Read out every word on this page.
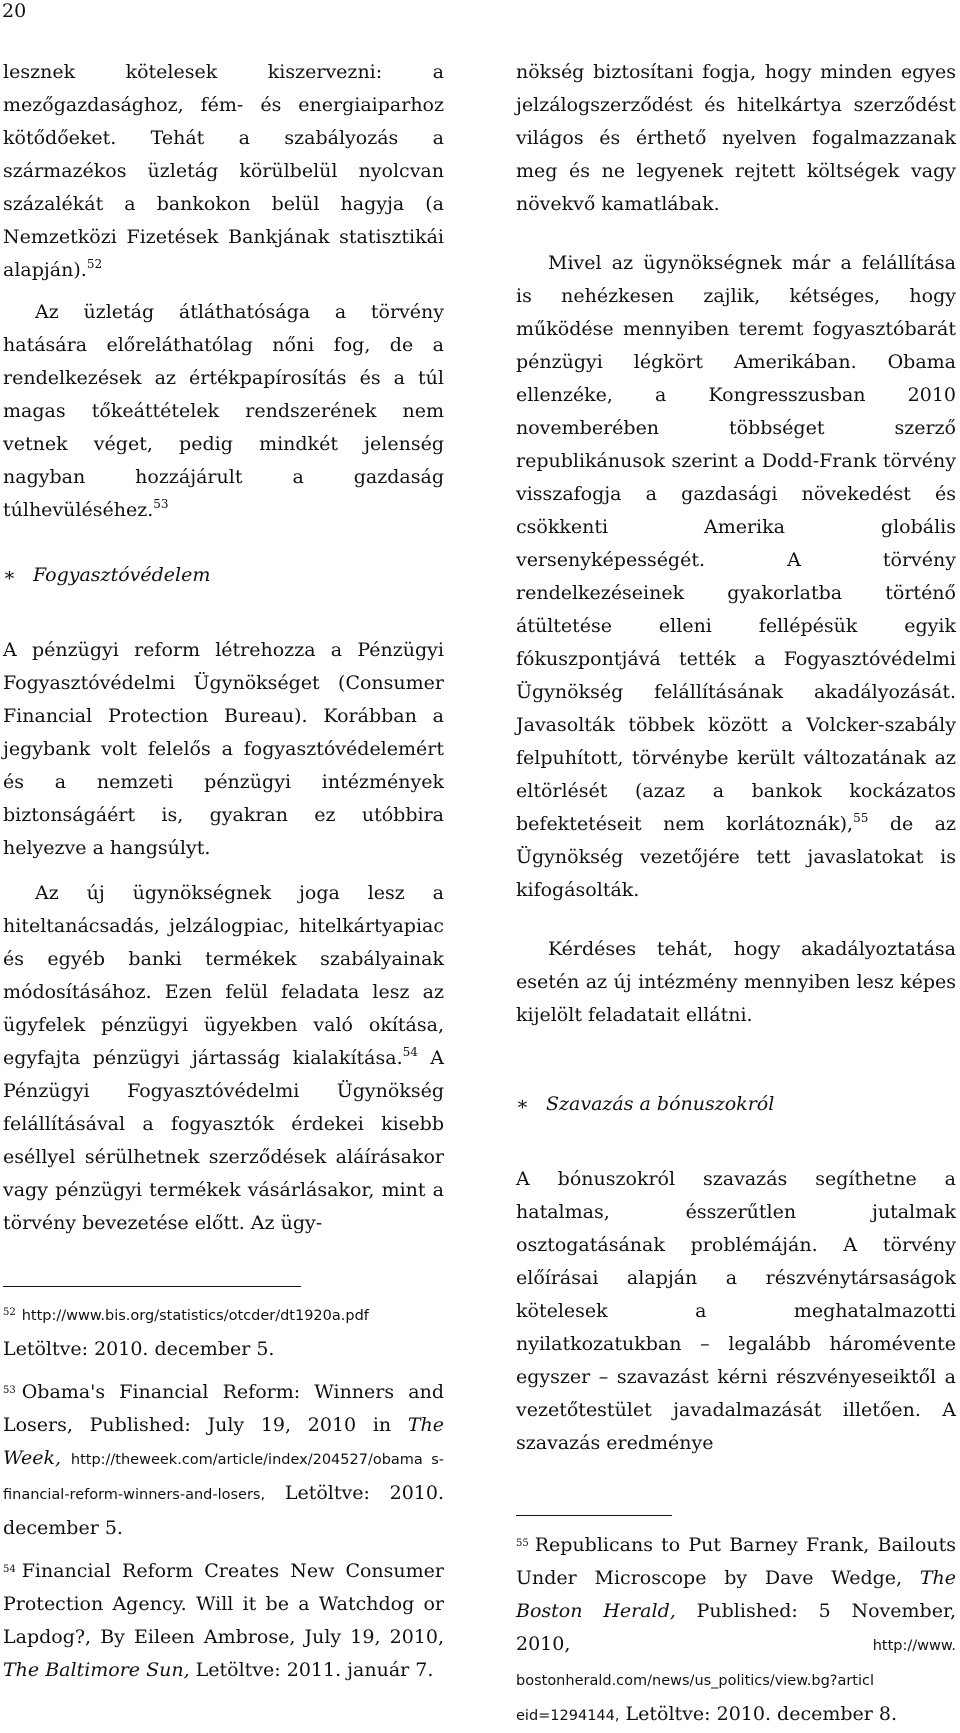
20

lesznek kötelesek kiszervezni: a mezőgazdasághoz, fém- és energiaiparhoz kötődőeket. Tehát a szabályozás a származékos üzletág körülbelül nyolcvan százalékát a bankokon belül hagyja (a Nemzetközi Fizetések Bankjának statisztikái alapján).$^{52}$

Az üzletág átláthatósága a törvény hatására előreláthatólag nőni fog, de a rendelkezések az értékpapírosítás és a túl magas tőkeáttételek rendszerének nem vetnek véget, pedig mindkét jelenség nagyban hozzájárult a gazdaság túlhevüléséhez.$^{53}$

∗ Fogyasztóvédelem

A pénzügyi reform létrehozza a Pénzügyi Fogyasztóvédelmi Ügynökséget (Consumer Financial Protection Bureau). Korábban a jegybank volt felelős a fogyasztóvédelemért és a nemzeti pénzügyi intézmények biztonságáért is, gyakran ez utóbbira helyezve a hangsúlyt.

Az új ügynökségnek joga lesz a hiteltanácsadás, jelzálogpiac, hitelkártyapiac és egyéb banki termékek szabályainak módosításához. Ezen felül feladata lesz az ügyfelek pénzügyi ügyekben való okítása, egyfajta pénzügyi jártasság kialakítása.$^{54}$ A Pénzügyi Fogyasztóvédelmi Ügynökség felállításával a fogyasztók érdekei kisebb eséllyel sérülhetnek szerződések aláírásakor vagy pénzügyi termékek vásárlásakor, mint a törvény bevezetése előtt. Az ügy-

$^{52}$ http://www.bis.org/statistics/otcder/dt1920a.pdf
Letöltve: 2010. december 5.

$^{53}$ Obama's Financial Reform: Winners and Losers, Published: July 19, 2010 in The Week, http://theweek.com/article/index/204527/obama s-financial-reform-winners-and-losers, Letöltve: 2010. december 5.

$^{54}$ Financial Reform Creates New Consumer Protection Agency. Will it be a Watchdog or Lapdog?, By Eileen Ambrose, July 19, 2010, The Baltimore Sun, Letöltve: 2011. január 7.

nökség biztosítani fogja, hogy minden egyes jelzálogszerződést és hitelkártya szerződést világos és érthető nyelven fogalmazzanak meg és ne legyenek rejtett költségek vagy növekvő kamatlábak.

Mivel az ügynökségnek már a felállítása is nehézkesen zajlik, kétséges, hogy működése mennyiben teremt fogyasztóbarát pénzügyi légkört Amerikában. Obama ellenzéke, a Kongresszusban 2010 novemberében többséget szerző republikánusok szerint a Dodd-Frank törvény visszafogja a gazdasági növekedést és csökkenti Amerika globális versenyképességét. A törvény rendelkezéseinek gyakorlatba történő átültetése elleni fellépésük egyik fókuszpontjává tették a Fogyasztóvédelmi Ügynökség felállításának akadályozását. Javasolták többek között a Volcker-szabály felpuhított, törvénybe került változatának az eltörlését (azaz a bankok kockázatos befektetéseit nem korlátoznák),$^{55}$ de az Ügynökség vezetőjére tett javaslatokat is kifogásolták.

Kérdéses tehát, hogy akadályoztatása esetén az új intézmény mennyiben lesz képes kijelölt feladatait ellátni.

∗ Szavazás a bónuszokról

A bónuszokról szavazás segíthetne a hatalmas, ésszerűtlen jutalmak osztogatásának problémáján. A törvény előírásai alapján a részvénytársaságok kötelesek a meghatalmazotti nyilatkozatukban – legalább háromévente egyszer – szavazást kérni részvényeseiktől a vezetőtestület javadalmazását illetően. A szavazás eredménye

$^{55}$ Republicans to Put Barney Frank, Bailouts Under Microscope by Dave Wedge, The Boston Herald, Published: 5 November, 2010, http://www. bostonherald.com/news/us_politics/view.bg?articl eid=1294144, Letöltve: 2010. december 8.
